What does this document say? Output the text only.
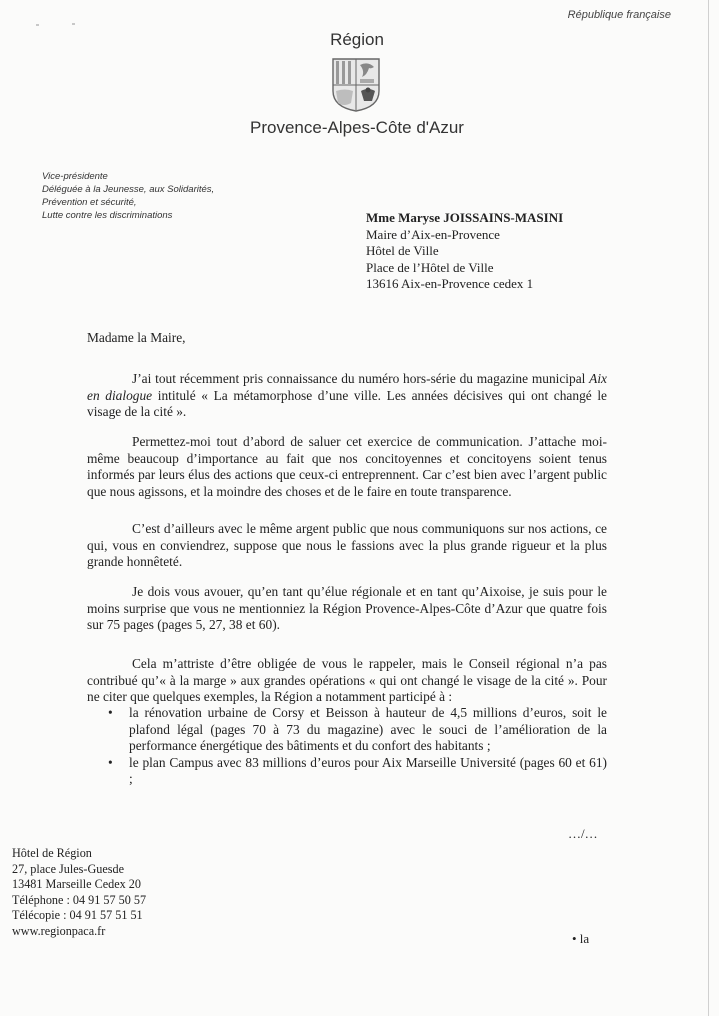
République française
Région
Provence-Alpes-Côte d'Azur
Vice-présidente
Déléguée à la Jeunesse, aux Solidarités,
Prévention et sécurité,
Lutte contre les discriminations	Mme Maryse JOISSAINS-MASINI
Maire d’Aix-en-Provence
Hôtel de Ville
Place de l’Hôtel de Ville
13616 Aix-en-Provence cedex 1
Madame la Maire,
J’ai tout récemment pris connaissance du numéro hors-série du magazine municipal Aix en dialogue intitulé « La métamorphose d’une ville. Les années décisives qui ont changé le visage de la cité ».
Permettez-moi tout d’abord de saluer cet exercice de communication. J’attache moi-même beaucoup d’importance au fait que nos concitoyennes et concitoyens soient tenus informés par leurs élus des actions que ceux-ci entreprennent. Car c’est bien avec l’argent public que nous agissons, et la moindre des choses et de le faire en toute transparence.
C’est d’ailleurs avec le même argent public que nous communiquons sur nos actions, ce qui, vous en conviendrez, suppose que nous le fassions avec la plus grande rigueur et la plus grande honnêteté.
Je dois vous avouer, qu’en tant qu’élue régionale et en tant qu’Aixoise, je suis pour le moins surprise que vous ne mentionniez la Région Provence-Alpes-Côte d’Azur que quatre fois sur 75 pages (pages 5, 27, 38 et 60).
Cela m’attriste d’être obligée de vous le rappeler, mais le Conseil régional n’a pas contribué qu’« à la marge » aux grandes opérations « qui ont changé le visage de la cité ». Pour ne citer que quelques exemples, la Région a notamment participé à :
• la rénovation urbaine de Corsy et Beisson à hauteur de 4,5 millions d’euros, soit le plafond légal (pages 70 à 73 du magazine) avec le souci de l’amélioration de la performance énergétique des bâtiments et du confort des habitants ;
• le plan Campus avec 83 millions d’euros pour Aix Marseille Université (pages 60 et 61) ;
…/…
Hôtel de Région
27, place Jules-Guesde
13481 Marseille Cedex 20
Téléphone : 04 91 57 50 57
Télécopie : 04 91 57 51 51
www.regionpaca.fr
• la
